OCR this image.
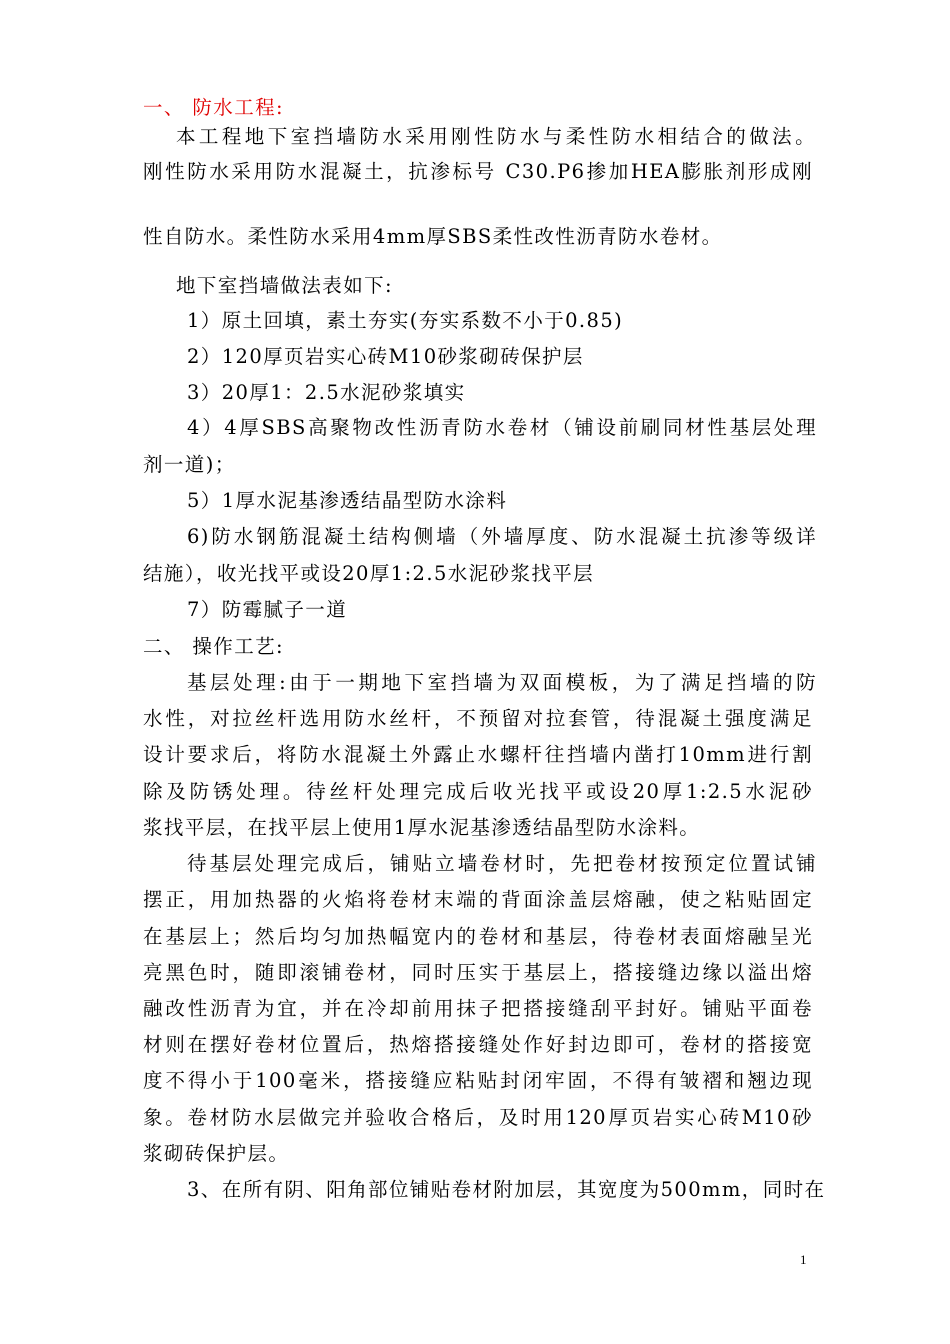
一、 防水工程:
本工程地下室挡墙防水采用刚性防水与柔性防水相结合的做法。
刚性防水采用防水混凝土，抗渗标号 C30.P6掺加HEA膨胀剂形成刚
性自防水。柔性防水采用4mm厚SBS柔性改性沥青防水卷材。
地下室挡墙做法表如下:
1）原土回填，素土夯实(夯实系数不小于0.85)
2）120厚页岩实心砖M10砂浆砌砖保护层
3）20厚1：2.5水泥砂浆填实
4）4厚SBS高聚物改性沥青防水卷材（铺设前刷同材性基层处理
剂一道)；
5）1厚水泥基渗透结晶型防水涂料
6)防水钢筋混凝土结构侧墙（外墙厚度、防水混凝土抗渗等级详
结施），收光找平或设20厚1:2.5水泥砂浆找平层
7）防霉腻子一道
二、 操作工艺:
基层处理:由于一期地下室挡墙为双面模板，为了满足挡墙的防
水性，对拉丝杆选用防水丝杆，不预留对拉套管，待混凝土强度满足
设计要求后，将防水混凝土外露止水螺杆往挡墙内凿打10mm进行割
除及防锈处理。待丝杆处理完成后收光找平或设20厚1:2.5水泥砂
浆找平层，在找平层上使用1厚水泥基渗透结晶型防水涂料。
待基层处理完成后，铺贴立墙卷材时，先把卷材按预定位置试铺
摆正，用加热器的火焰将卷材末端的背面涂盖层熔融，使之粘贴固定
在基层上；然后均匀加热幅宽内的卷材和基层，待卷材表面熔融呈光
亮黑色时，随即滚铺卷材，同时压实于基层上，搭接缝边缘以溢出熔
融改性沥青为宜，并在冷却前用抹子把搭接缝刮平封好。铺贴平面卷
材则在摆好卷材位置后，热熔搭接缝处作好封边即可，卷材的搭接宽
度不得小于100毫米，搭接缝应粘贴封闭牢固，不得有皱褶和翘边现
象。卷材防水层做完并验收合格后，及时用120厚页岩实心砖M10砂
浆砌砖保护层。
3、在所有阴、阳角部位铺贴卷材附加层，其宽度为500mm，同时在
1
